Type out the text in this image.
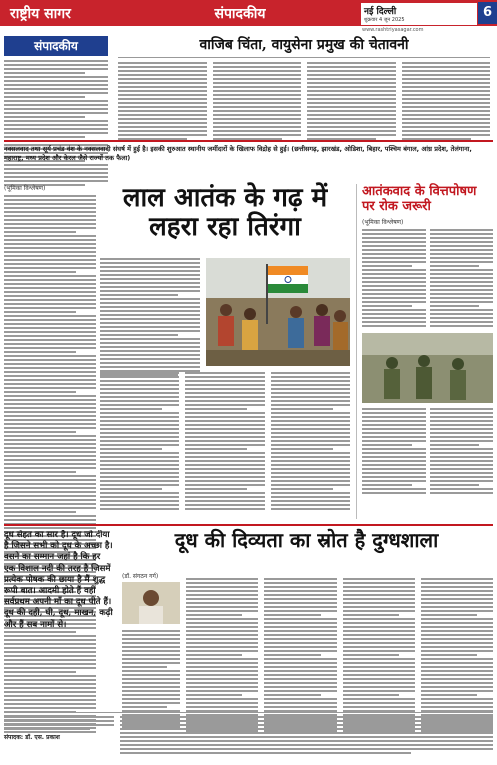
राष्ट्रीय सागर	संपादकीय	नई दिल्ली
शुक्रवार 4 जून 2025
www.rashtriyasagar.com
6
संपादकीय	वाजिब चिंता, वायुसेना प्रमुख की चेतावनी
नक्सलवाद तथा सूर्य प्रचंड वंश के नक्सलवादी संघर्ष में हुई है। इसकी शुरुआत स्थानीय जमींदारों के खिलाफ विद्रोह से हुई। (छत्तीसगढ़, झारखंड, ओडिशा, बिहार, पश्चिम बंगाल, आंध्र प्रदेश, तेलंगाना, महाराष्ट्र, मध्य प्रदेश और केरल जैसे राज्यों तक फैला)
(भूमिका विश्लेषण)	लाल आतंक के गढ़ में
लहरा रहा तिरंगा
आतंकवाद के वित्तपोषण
पर रोक जरूरी
(भूमिका विश्लेषण)
दूध सेहत का सार है। दूध जो दीया है जिसने सभी को दूध के अच्छा है। वसने का सम्मान जहां है कि हर एक विशाल नदी की तरह है जिसमें प्रत्येक पोषक की छाया है मैं शुद्ध रूपी बात। आदमी होते हैं वहीं सर्वप्रथम अपनी माँ का दूध पीते हैं। दूध की दही, घी, दूध, माखन, कढ़ी और हैं सब नामों से।
दूध की दिव्यता का स्रोत है दुग्धशाला
(डॉ. संगठन गर्ग)
संपादक: डॉ. एस. प्रकाश
